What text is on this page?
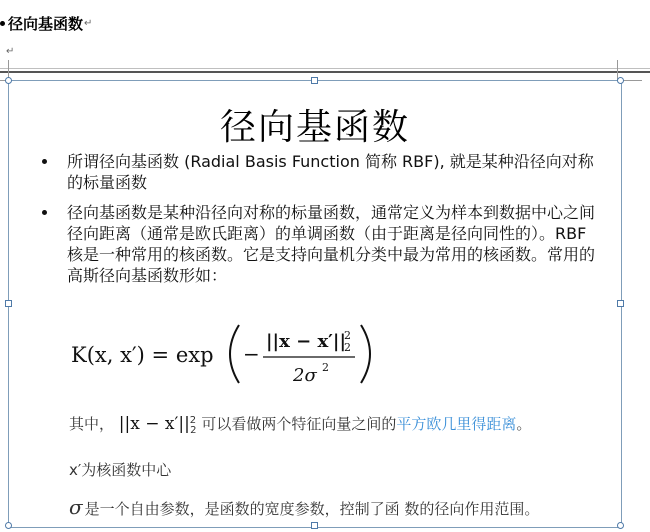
径向基函数 ↵
↵
径向基函数
所谓径向基函数 (Radial Basis Function 简称 RBF), 就是某种沿径向对称的标量函数
径向基函数是某种沿径向对称的标量函数，通常定义为样本到数据中心之间径向距离（通常是欧氏距离）的单调函数（由于距离是径向同性的）。RBF核是一种常用的核函数。它是支持向量机分类中最为常用的核函数。常用的高斯径向基函数形如：
K(x, x′) = exp −
||x − x′||
2
2
2σ 2
其中， $||x - x'||^2_2$ 可以看做两个特征向量之间的平方欧几里得距离。
x′为核函数中心
σ 是一个自由参数，是函数的宽度参数，控制了函 数的径向作用范围。
